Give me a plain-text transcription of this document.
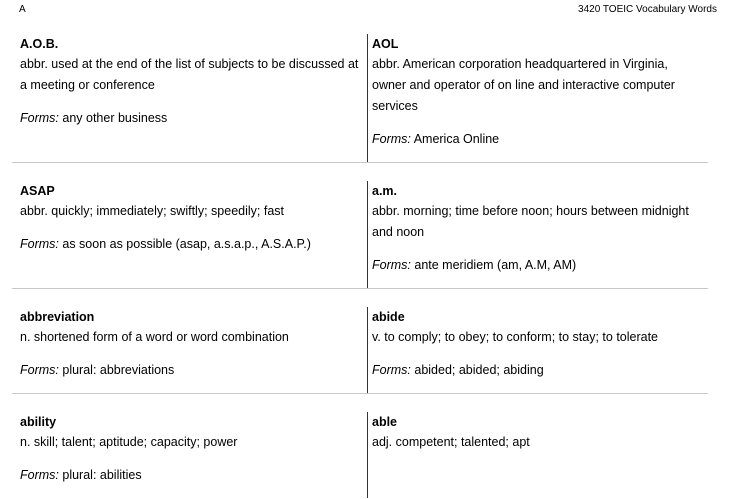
A	3420 TOEIC Vocabulary Words
A.O.B.
abbr. used at the end of the list of subjects to be discussed at a meeting or conference
Forms: any other business
AOL
abbr. American corporation headquartered in Virginia, owner and operator of on line and interactive computer services
Forms: America Online
ASAP
abbr. quickly; immediately; swiftly; speedily; fast
Forms: as soon as possible (asap, a.s.a.p., A.S.A.P.)
a.m.
abbr. morning; time before noon; hours between midnight and noon
Forms: ante meridiem (am, A.M, AM)
abbreviation
n. shortened form of a word or word combination
Forms: plural: abbreviations
abide
v. to comply; to obey; to conform; to stay; to tolerate
Forms: abided; abided; abiding
ability
n. skill; talent; aptitude; capacity; power
Forms: plural: abilities
able
adj. competent; talented; apt
